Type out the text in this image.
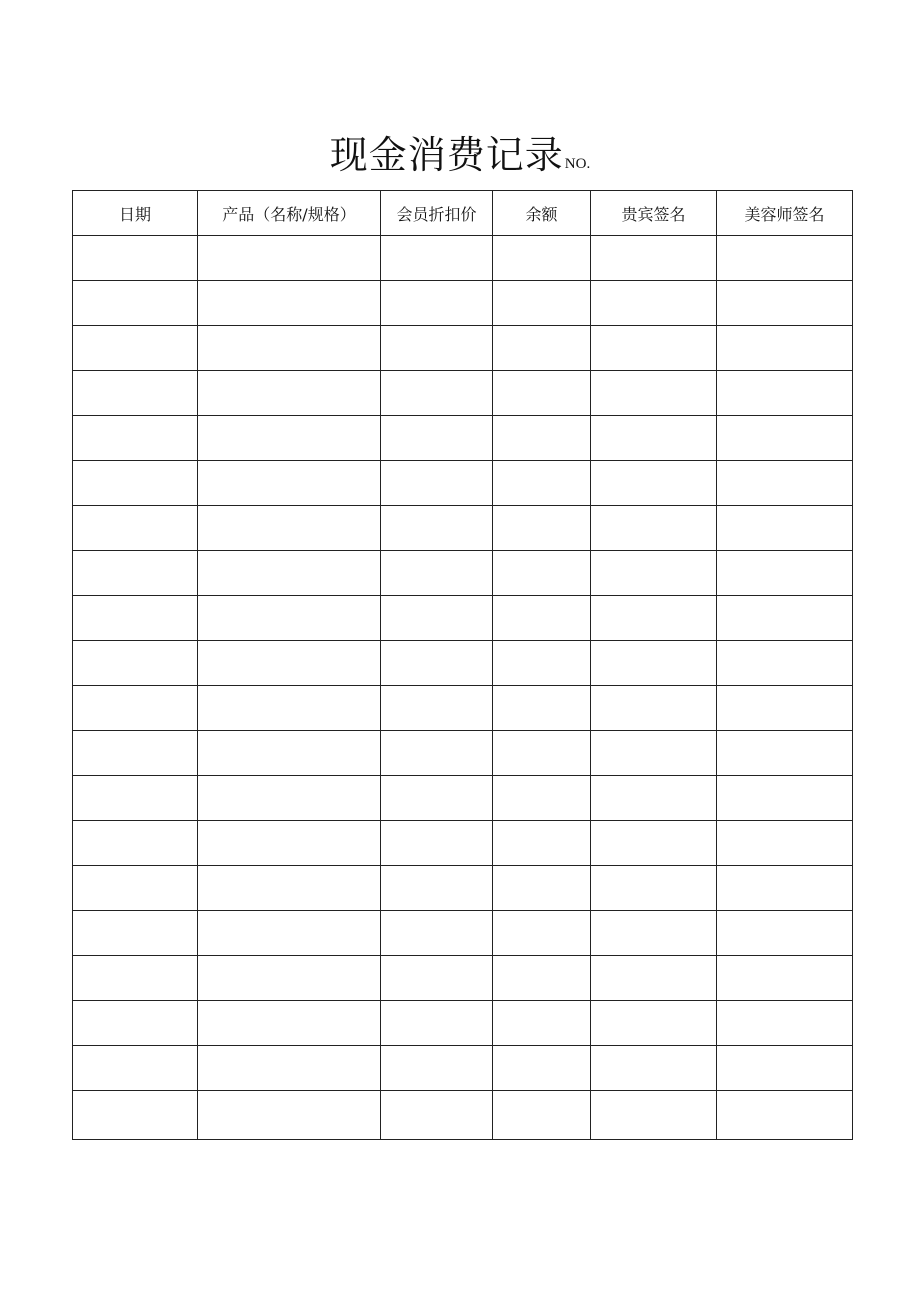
现金消费记录NO.
日期	产品（名称/规格）	会员折扣价	余额	贵宾签名	美容师签名
